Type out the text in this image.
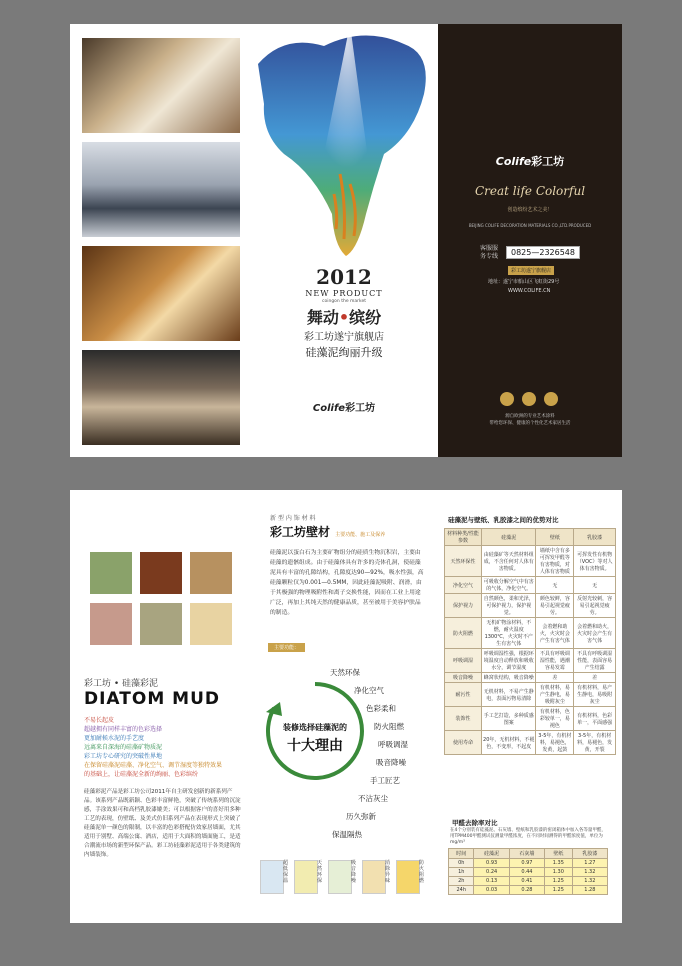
2012
NEW PRODUCT
coingon the market
舞动•缤纷
彩工坊遂宁旗舰店
硅藻泥绚丽升级
Colife彩工坊
Colife彩工坊
Creat life Colorful
创造缤纷艺术之美！
BEIJING COLIFE DECORATION MATERIALS CO.,LTD.PRODUCED
客服服
务专线	0825—2326548
彩工坊遂宁旗舰店
地址：遂宁市船山区飞虹街29号
WWW.COLIFE.CN
源自欧洲的专业艺术涂料
带给您环保、健康的个性化艺术家居生活
彩工坊 • 硅藻彩泥
DIATOM MUD
不易长起皮
超越拥有同样丰富的色彩选择
更加耐候水泥的手艺度
远离来自深海的硅藻矿物质泥
彩工坊专心研究的突破性界地
在保留硅藻泥硅藻、净化空气、调节湿度等独特效果
的基础上，让硅藻泥全新的绚丽、色彩缤纷
硅藻彩泥产品是彩工坊公司2011年自主研发创新的新系列产品。该系列产品既新颖、色彩丰富鲜艳，突破了传统系列的沉淀感，手涂效果可和高档乳胶漆媲美；可以根据客户的喜好用多种工艺的表现，仿壁纸、及美式仿旧系列产品在表现形式上突破了硅藻泥单一颜色的限制，以丰富的色彩搭配仿效家居墙面，尤其适用于别墅、高端公寓、酒店，适用于大面积的墙面施工，是适合潮流市场的新型环保产品。彩工坊硅藻彩泥适用于各类建筑的内墙装饰。
新 型 内 饰 材 料
彩工坊壁材 主要功能、施工及保养
硅藻泥以蛋白石为主要矿物组分的硅质生物沉积岩，主要由硅藻的遗骸组成。由于硅藻体具有许多的壳体孔洞，使硅藻泥具有丰富的孔隙结构，孔隙度达90—92%，吸水性强，高硅藻颗粒仅为0.001—0.5MM，因此硅藻泥吸附、润滑，由于其极强的物理吸附性和离子交换性能，因而在工业上用途广泛，再加上其纯天然的健康品质，甚至被用于美容护肤品的制造。
主要功能：
装修选择硅藻泥的
十大理由
天然环保
净化空气
色彩柔和
防火阻燃
呼吸调湿
吸音降噪
手工匠艺
不沾灰尘
历久弥新
保温隔热
超低保温
天然环保
吸音降噪
消除异味
防火阻燃
硅藻泥与壁纸、乳胶漆之间的优势对比
材料种类/性能参数	硅藻泥	壁纸	乳胶漆
天然环保性	由硅藻矿等天然材料组成，不含任何对人体有害物质。	墙纸中含有多可挥发甲醛等有害物质，对人体有害物质	可挥发性有机物（VOC）等对人体有害物质。
净化空气	可吸收分解空气中有害的气体，净化空气。	无	无
保护视力	自然颜色，柔和光泽，可保护视力，保护视觉。	颜色较鲜，容易引起视觉疲劳。	反射光较刺，容易引起视觉疲劳。
防火阻燃	无机矿物涂材料，不燃，耐火温度1300℃，火灾时不产生有害气体	会着燃和助火，火灾时会产生有害气体	会着燃和助火，火灾时会产生有害气体
呼吸调湿	呼吸调湿性强，根据环境温度自动释放和吸收水分，调节湿度	不具有呼吸调湿性能，遇潮容易发霉	不具有呼吸调湿性能，表面容易产生结露
吸音降噪	蜂窝状结构，吸音降噪	差	差
耐污性	无机材料，不易产生静电，表面污物易清除	有机材料，易产生静电，易吸附灰尘	有机材料，易产生静电，易吸附灰尘
装饰性	手工艺打造，多种质感图案	有机材料，色彩较单一，易褪色	有机材料，色彩单一，平面感强
使用寿命	20年，无机材料，不褪色，不变形，不起皮	3-5年，有机材料，易褪色，发黄，起鼓	3-5年，有机材料，易褪色，发黄，开裂
甲醛去除率对比
在4个分别装有硅藻泥、石灰墙、壁纸和乳胶漆的密闭箱体中加入各等量甲醛，用TPM400甲醛测试仪测量甲醛浓度，在不同时间测得的甲醛浓度值，单位为mg/m³
时间	硅藻泥	石灰墙	壁纸	乳胶漆
0h	0.93	0.97	1.35	1.27
1h	0.24	0.44	1.30	1.32
2h	0.13	0.41	1.25	1.32
24h	0.03	0.28	1.25	1.28
